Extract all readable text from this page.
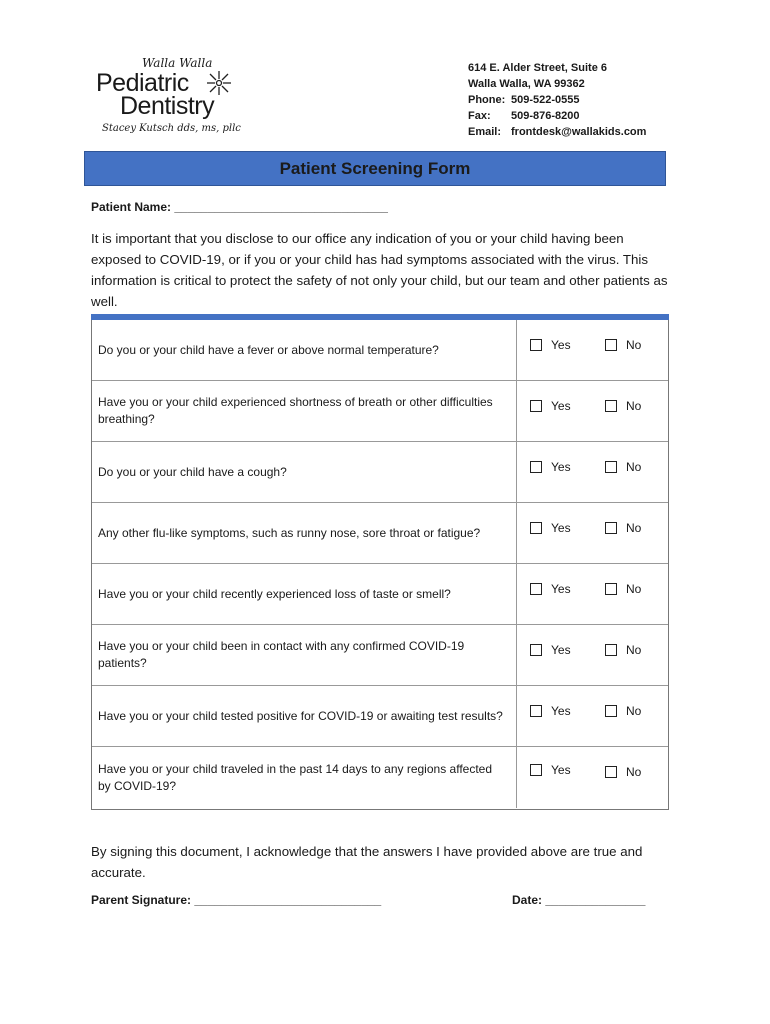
Walla Walla
Pediatric
Dentistry
Stacey Kutsch dds, ms, pllc
614 E. Alder Street, Suite 6
Walla Walla, WA 99362
Phone: 509-522-0555
Fax:	509-876-8200
Email: frontdesk@wallakids.com
Patient Screening Form
Patient Name: ________________________________
It is important that you disclose to our office any indication of you or your child having been exposed to COVID-19, or if you or your child has had symptoms associated with the virus. This information is critical to protect the safety of not only your child, but our team and other patients as well.
Do you or your child have a fever or above normal temperature?	Yes	No
Have you or your child experienced shortness of breath or other difficulties breathing?
Yes	No
Do you or your child have a cough?	Yes	No
Any other flu-like symptoms, such as runny nose, sore throat or fatigue?	Yes	No
Have you or your child recently experienced loss of taste or smell?	Yes	No
Have you or your child been in contact with any confirmed COVID-19 patients?
Yes	No
Have you or your child tested positive for COVID-19 or awaiting test results?	Yes	No
Have you or your child traveled in the past 14 days to any regions affected by COVID-19?
Yes	No
By signing this document, I acknowledge that the answers I have provided above are true and accurate.
Parent Signature: ____________________________	Date: _______________
